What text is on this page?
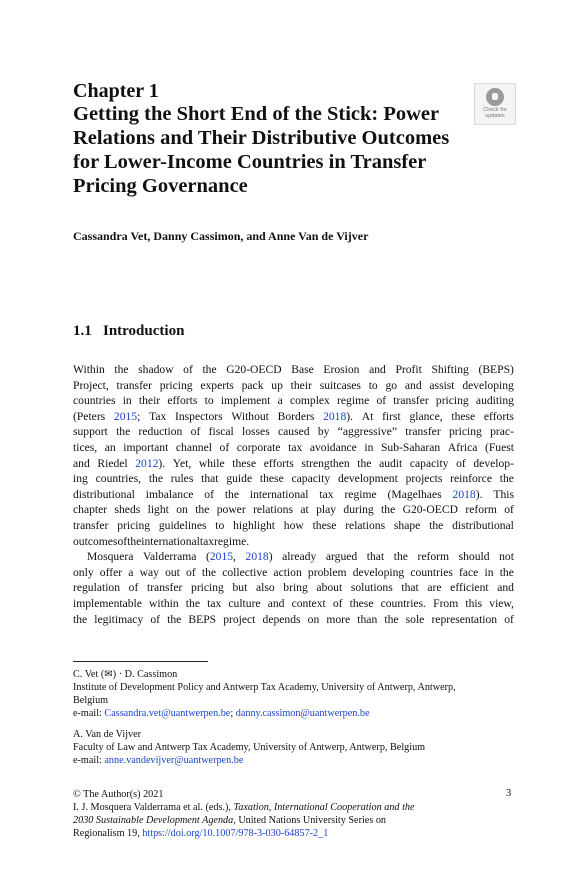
Chapter 1
Getting the Short End of the Stick: Power
Relations and Their Distributive Outcomes
for Lower-Income Countries in Transfer
Pricing Governance
Check for
updates
Cassandra Vet, Danny Cassimon, and Anne Van de Vijver
1.1 Introduction
Within the shadow of the G20-OECD Base Erosion and Profit Shifting (BEPS)
Project, transfer pricing experts pack up their suitcases to go and assist developing
countries in their efforts to implement a complex regime of transfer pricing auditing
(Peters 2015; Tax Inspectors Without Borders 2018). At first glance, these efforts
support the reduction of fiscal losses caused by “aggressive” transfer pricing prac-
tices, an important channel of corporate tax avoidance in Sub-Saharan Africa (Fuest
and Riedel 2012). Yet, while these efforts strengthen the audit capacity of develop-
ing countries, the rules that guide these capacity development projects reinforce the
distributional imbalance of the international tax regime (Magelhaes 2018). This
chapter sheds light on the power relations at play during the G20-OECD reform of
transfer pricing guidelines to highlight how these relations shape the distributional
outcomes of the international tax regime.
Mosquera Valderrama (2015, 2018) already argued that the reform should not
only offer a way out of the collective action problem developing countries face in the
regulation of transfer pricing but also bring about solutions that are efficient and
implementable within the tax culture and context of these countries. From this view,
the legitimacy of the BEPS project depends on more than the sole representation of
C. Vet (✉) · D. Cassimon
Institute of Development Policy and Antwerp Tax Academy, University of Antwerp, Antwerp,
Belgium
e-mail: Cassandra.vet@uantwerpen.be; danny.cassimon@uantwerpen.be
A. Van de Vijver
Faculty of Law and Antwerp Tax Academy, University of Antwerp, Antwerp, Belgium
e-mail: anne.vandevijver@uantwerpen.be
© The Author(s) 2021
I. J. Mosquera Valderrama et al. (eds.), Taxation, International Cooperation and the
2030 Sustainable Development Agenda, United Nations University Series on
Regionalism 19, https://doi.org/10.1007/978-3-030-64857-2_1
3
